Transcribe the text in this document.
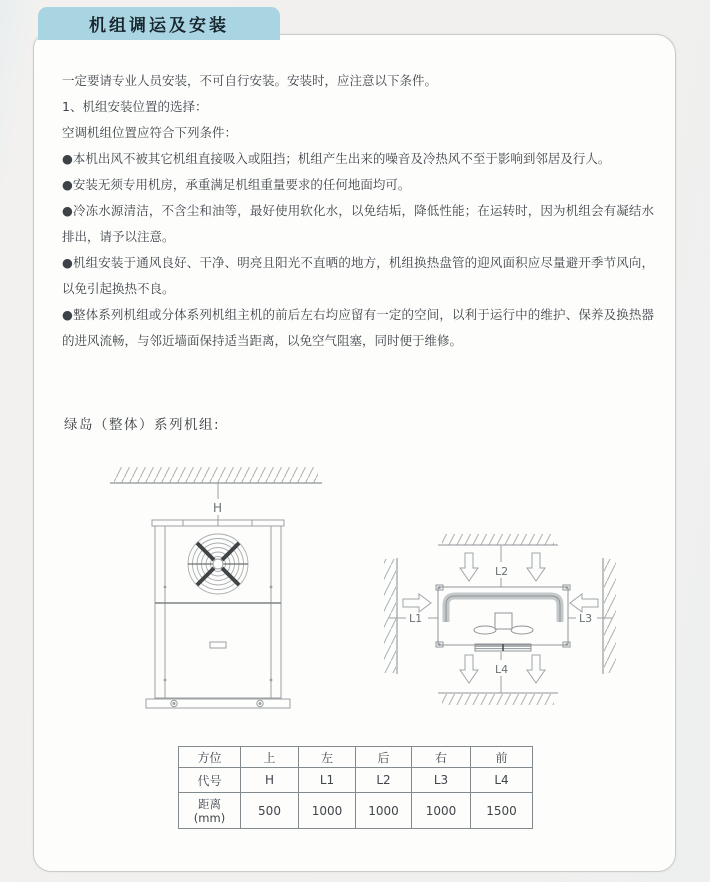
机组调运及安装

一定要请专业人员安装，不可自行安装。安装时，应注意以下条件。

1、机组安装位置的选择：

空调机组位置应符合下列条件：

●本机出风不被其它机组直接吸入或阻挡；机组产生出来的噪音及冷热风不至于影响到邻居及行人。

●安装无须专用机房，承重满足机组重量要求的任何地面均可。

●冷冻水源清洁，不含尘和油等，最好使用软化水，以免结垢，降低性能；在运转时，因为机组会有凝结水排出，请予以注意。

●机组安装于通风良好、干净、明亮且阳光不直晒的地方，机组换热盘管的迎风面积应尽量避开季节风向，以免引起换热不良。

●整体系列机组或分体系列机组主机的前后左右均应留有一定的空间，以利于运行中的维护、保养及换热器的进风流畅，与邻近墙面保持适当距离，以免空气阻塞，同时便于维修。

绿岛（整体）系列机组:
H
L2
L4
L1	L3
方位	上	左	后	右	前
代号	H	L1	L2	L3	L4

距离
(mm)	500	1000	1000	1000	1500
